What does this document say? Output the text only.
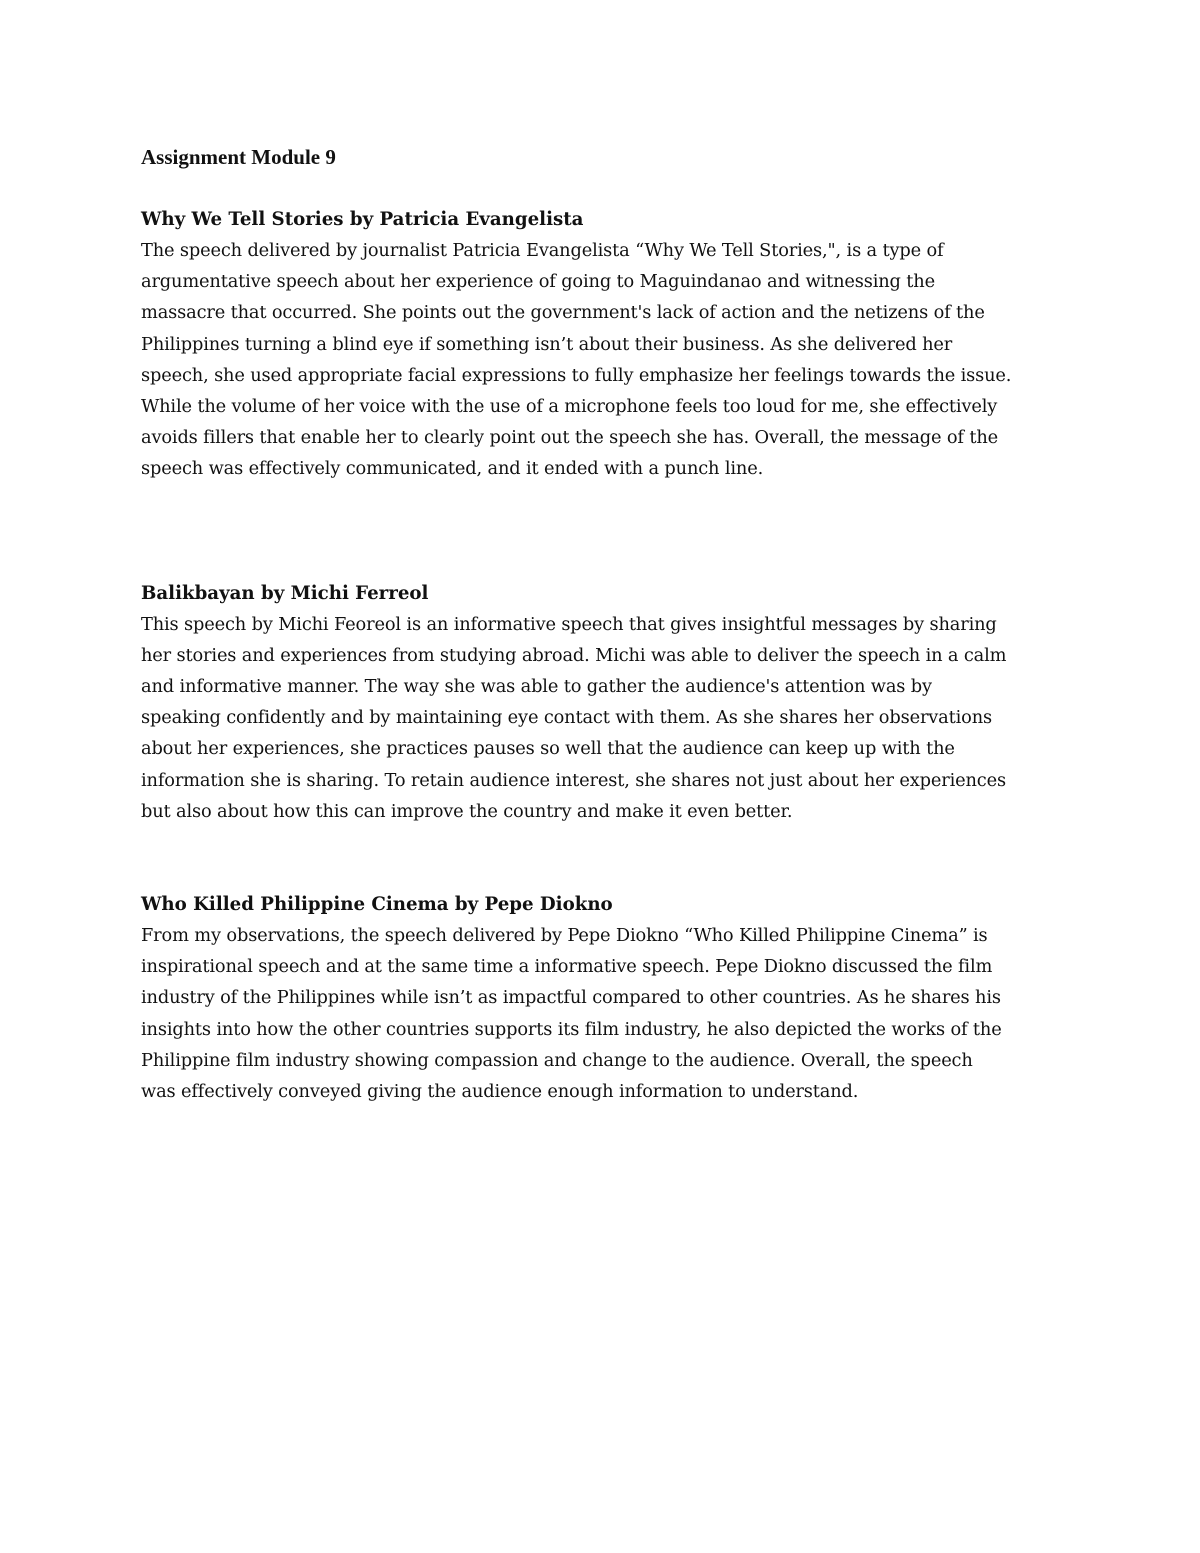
Assignment Module 9
Why We Tell Stories by Patricia Evangelista

The speech delivered by journalist Patricia Evangelista “Why We Tell Stories,", is a type of
argumentative speech about her experience of going to Maguindanao and witnessing the
massacre that occurred. She points out the government's lack of action and the netizens of the
Philippines turning a blind eye if something isn’t about their business. As she delivered her
speech, she used appropriate facial expressions to fully emphasize her feelings towards the issue.
While the volume of her voice with the use of a microphone feels too loud for me, she effectively
avoids fillers that enable her to clearly point out the speech she has. Overall, the message of the
speech was effectively communicated, and it ended with a punch line.

Balikbayan by Michi Ferreol

This speech by Michi Feoreol is an informative speech that gives insightful messages by sharing
her stories and experiences from studying abroad. Michi was able to deliver the speech in a calm
and informative manner. The way she was able to gather the audience's attention was by
speaking confidently and by maintaining eye contact with them. As she shares her observations
about her experiences, she practices pauses so well that the audience can keep up with the
information she is sharing. To retain audience interest, she shares not just about her experiences
but also about how this can improve the country and make it even better.

Who Killed Philippine Cinema by Pepe Diokno

From my observations, the speech delivered by Pepe Diokno “Who Killed Philippine Cinema” is
inspirational speech and at the same time a informative speech. Pepe Diokno discussed the film
industry of the Philippines while isn’t as impactful compared to other countries. As he shares his
insights into how the other countries supports its film industry, he also depicted the works of the
Philippine film industry showing compassion and change to the audience. Overall, the speech
was effectively conveyed giving the audience enough information to understand.
